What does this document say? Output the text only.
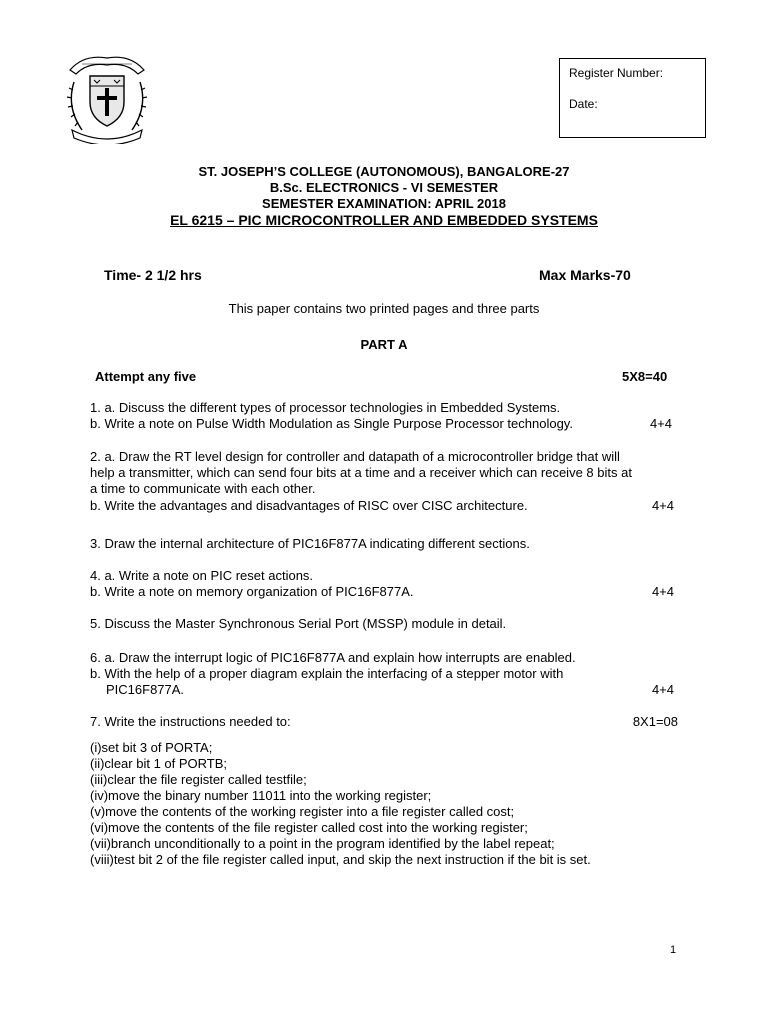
Register Number:
Date:
ST. JOSEPH’S COLLEGE (AUTONOMOUS), BANGALORE-27
B.Sc. ELECTRONICS - VI SEMESTER
SEMESTER EXAMINATION: APRIL 2018
EL 6215 – PIC MICROCONTROLLER AND EMBEDDED SYSTEMS
Time- 2 1/2 hrs	Max Marks-70
This paper contains two printed pages and three parts
PART A
Attempt any five	5X8=40
1. a. Discuss the different types of processor technologies in Embedded Systems.
b. Write a note on Pulse Width Modulation as Single Purpose Processor technology.	4+4
2. a. Draw the RT level design for controller and datapath of a microcontroller bridge that will
help a transmitter, which can send four bits at a time and a receiver which can receive 8 bits at
a time to communicate with each other.
b. Write the advantages and disadvantages of RISC over CISC architecture.	4+4
3. Draw the internal architecture of PIC16F877A indicating different sections.
4. a. Write a note on PIC reset actions.
b. Write a note on memory organization of PIC16F877A.	4+4
5. Discuss the Master Synchronous Serial Port (MSSP) module in detail.
6. a. Draw the interrupt logic of PIC16F877A and explain how interrupts are enabled.
b. With the help of a proper diagram explain the interfacing of a stepper motor with
PIC16F877A.	4+4
7. Write the instructions needed to:	8X1=08
(i)set bit 3 of PORTA;
(ii)clear bit 1 of PORTB;
(iii)clear the file register called testfile;
(iv)move the binary number 11011 into the working register;
(v)move the contents of the working register into a file register called cost;
(vi)move the contents of the file register called cost into the working register;
(vii)branch unconditionally to a point in the program identified by the label repeat;
(viii)test bit 2 of the file register called input, and skip the next instruction if the bit is set.
1
